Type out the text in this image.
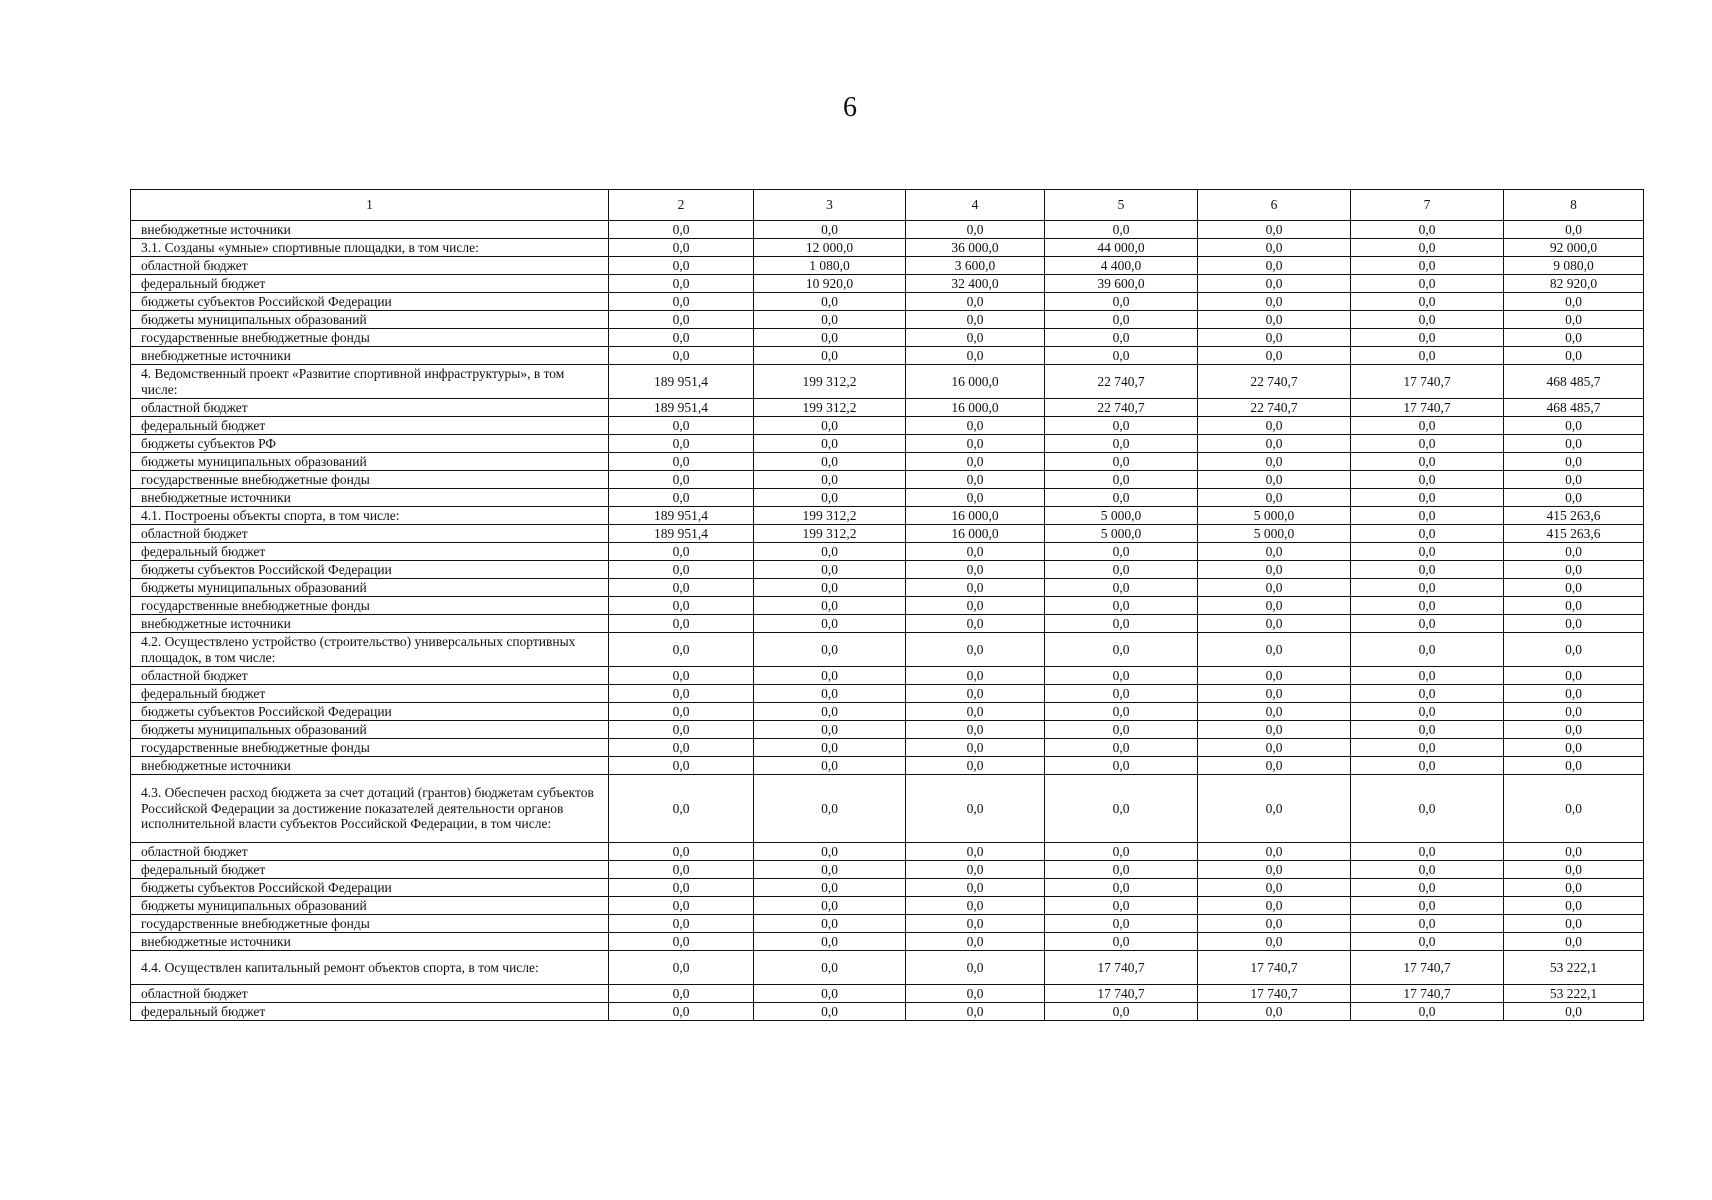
6
1	2	3	4	5	6	7	8
внебюджетные источники	0,0	0,0	0,0	0,0	0,0	0,0	0,0
3.1. Созданы «умные» спортивные площадки, в том числе:	0,0	12 000,0	36 000,0	44 000,0	0,0	0,0	92 000,0
областной бюджет	0,0	1 080,0	3 600,0	4 400,0	0,0	0,0	9 080,0
федеральный бюджет	0,0	10 920,0	32 400,0	39 600,0	0,0	0,0	82 920,0
бюджеты субъектов Российской Федерации	0,0	0,0	0,0	0,0	0,0	0,0	0,0
бюджеты муниципальных образований	0,0	0,0	0,0	0,0	0,0	0,0	0,0
государственные внебюджетные фонды	0,0	0,0	0,0	0,0	0,0	0,0	0,0
внебюджетные источники	0,0	0,0	0,0	0,0	0,0	0,0	0,0
4. Ведомственный проект «Развитие спортивной инфраструктуры», в том числе:	189 951,4	199 312,2	16 000,0	22 740,7	22 740,7	17 740,7	468 485,7
областной бюджет	189 951,4	199 312,2	16 000,0	22 740,7	22 740,7	17 740,7	468 485,7
федеральный бюджет	0,0	0,0	0,0	0,0	0,0	0,0	0,0
бюджеты субъектов РФ	0,0	0,0	0,0	0,0	0,0	0,0	0,0
бюджеты муниципальных образований	0,0	0,0	0,0	0,0	0,0	0,0	0,0
государственные внебюджетные фонды	0,0	0,0	0,0	0,0	0,0	0,0	0,0
внебюджетные источники	0,0	0,0	0,0	0,0	0,0	0,0	0,0
4.1. Построены объекты спорта, в том числе:	189 951,4	199 312,2	16 000,0	5 000,0	5 000,0	0,0	415 263,6
областной бюджет	189 951,4	199 312,2	16 000,0	5 000,0	5 000,0	0,0	415 263,6
федеральный бюджет	0,0	0,0	0,0	0,0	0,0	0,0	0,0
бюджеты субъектов Российской Федерации	0,0	0,0	0,0	0,0	0,0	0,0	0,0
бюджеты муниципальных образований	0,0	0,0	0,0	0,0	0,0	0,0	0,0
государственные внебюджетные фонды	0,0	0,0	0,0	0,0	0,0	0,0	0,0
внебюджетные источники	0,0	0,0	0,0	0,0	0,0	0,0	0,0
4.2. Осуществлено устройство (строительство) универсальных спортивных площадок, в том числе:	0,0	0,0	0,0	0,0	0,0	0,0	0,0
областной бюджет	0,0	0,0	0,0	0,0	0,0	0,0	0,0
федеральный бюджет	0,0	0,0	0,0	0,0	0,0	0,0	0,0
бюджеты субъектов Российской Федерации	0,0	0,0	0,0	0,0	0,0	0,0	0,0
бюджеты муниципальных образований	0,0	0,0	0,0	0,0	0,0	0,0	0,0
государственные внебюджетные фонды	0,0	0,0	0,0	0,0	0,0	0,0	0,0
внебюджетные источники	0,0	0,0	0,0	0,0	0,0	0,0	0,0
4.3. Обеспечен расход бюджета за счет дотаций (грантов) бюджетам субъектов Российской Федерации за достижение показателей деятельности органов исполнительной власти субъектов Российской Федерации, в том числе:	0,0	0,0	0,0	0,0	0,0	0,0	0,0
областной бюджет	0,0	0,0	0,0	0,0	0,0	0,0	0,0
федеральный бюджет	0,0	0,0	0,0	0,0	0,0	0,0	0,0
бюджеты субъектов Российской Федерации	0,0	0,0	0,0	0,0	0,0	0,0	0,0
бюджеты муниципальных образований	0,0	0,0	0,0	0,0	0,0	0,0	0,0
государственные внебюджетные фонды	0,0	0,0	0,0	0,0	0,0	0,0	0,0
внебюджетные источники	0,0	0,0	0,0	0,0	0,0	0,0	0,0
4.4. Осуществлен капитальный ремонт объектов спорта, в том числе:	0,0	0,0	0,0	17 740,7	17 740,7	17 740,7	53 222,1
областной бюджет	0,0	0,0	0,0	17 740,7	17 740,7	17 740,7	53 222,1
федеральный бюджет	0,0	0,0	0,0	0,0	0,0	0,0	0,0
